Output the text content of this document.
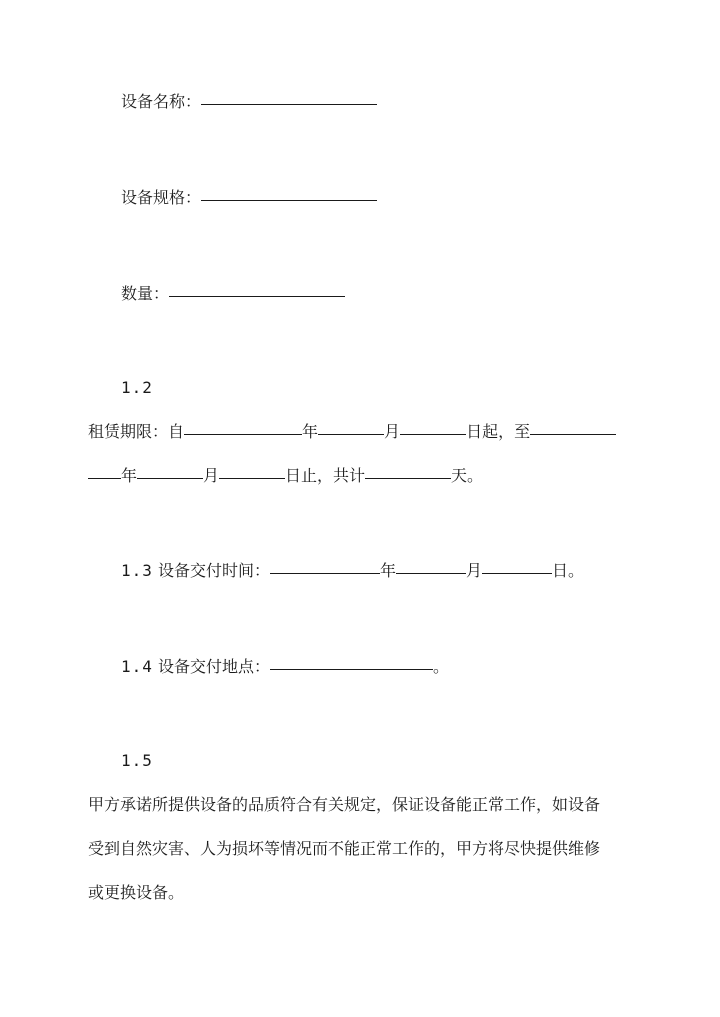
设备名称：
设备规格：
数量：
1.2
租赁期限：自	年	月	日起，至
年	月	日止，共计	天。
1.3 设备交付时间：	年	月	日。
1.4 设备交付地点：	。
1.5
甲方承诺所提供设备的品质符合有关规定，保证设备能正常工作，如设备
受到自然灾害、人为损坏等情况而不能正常工作的，甲方将尽快提供维修
或更换设备。
